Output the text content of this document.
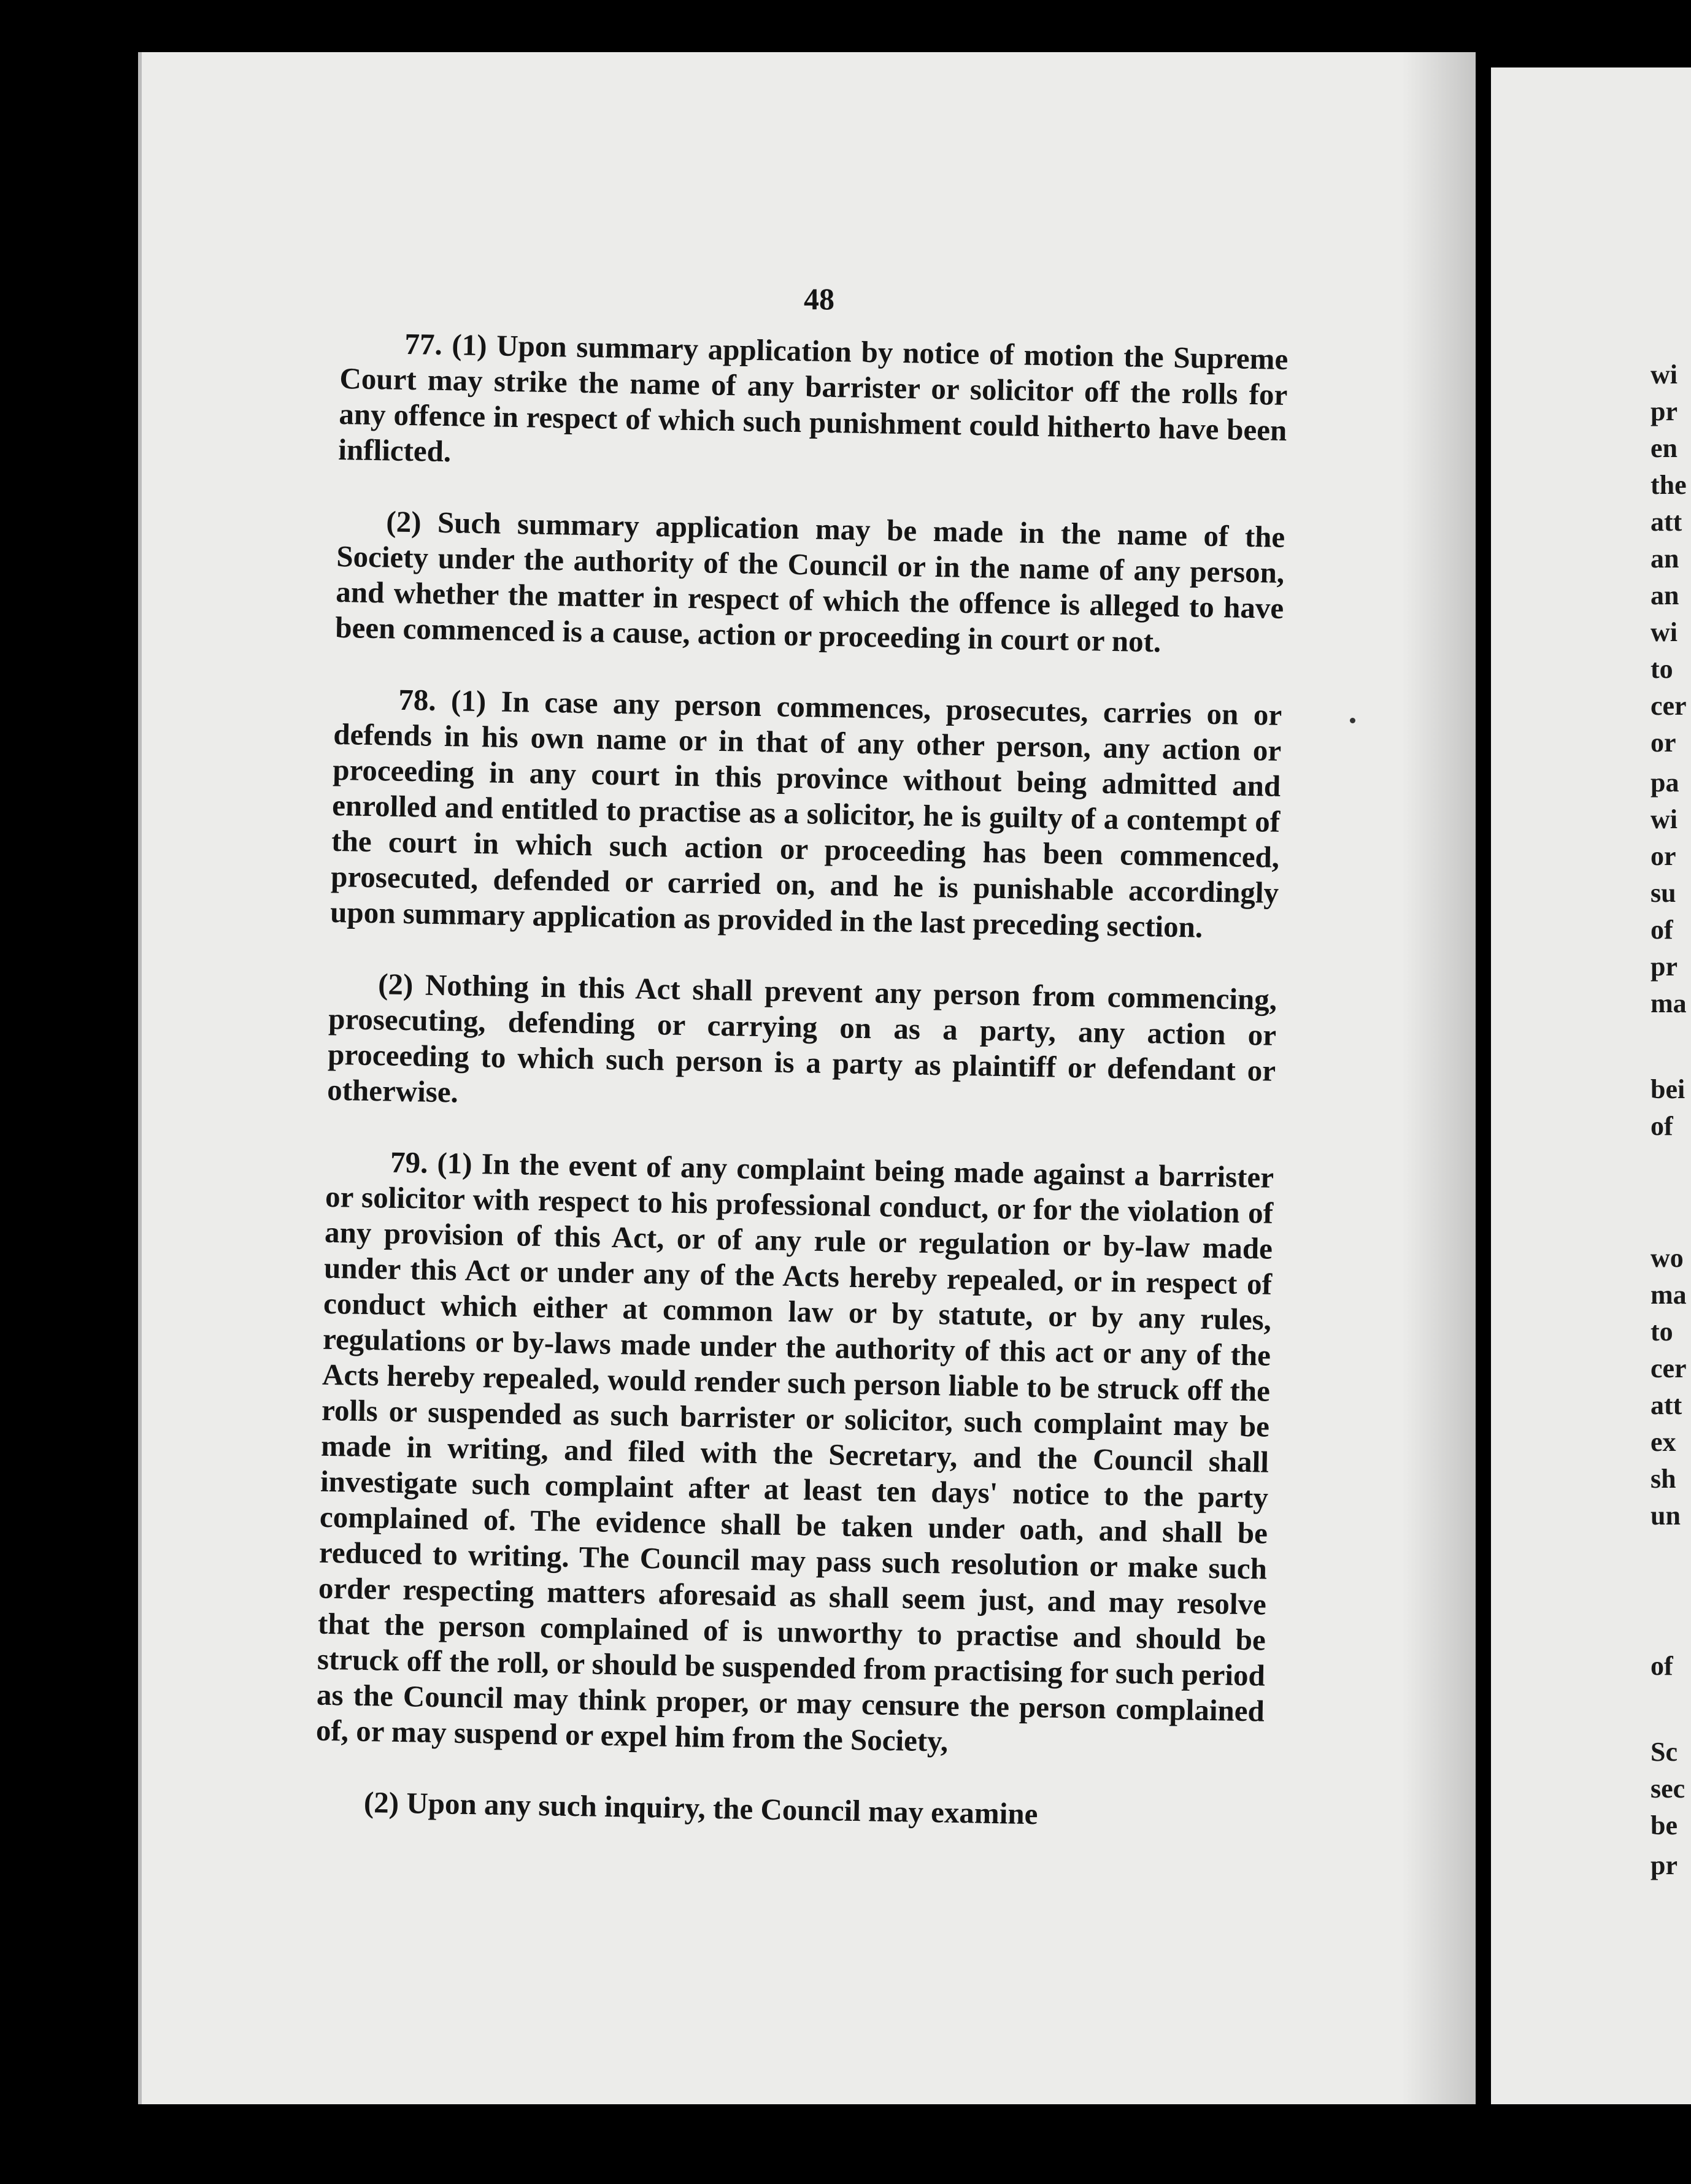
wi
pr
en
the
att
an
an
wi
to
cer
or
pa
wi
or
su
of
pr
ma
bei
of
wo
ma
to
cer
att
ex
sh
un
of
Sc
sec
be
pr
48

77. (1) Upon summary application by notice of motion the Supreme Court may strike the name of any barrister or solicitor off the rolls for any offence in respect of which such punishment could hitherto have been inflicted.

(2) Such summary application may be made in the name of the Society under the authority of the Council or in the name of any person, and whether the matter in respect of which the offence is alleged to have been commenced is a cause, action or proceeding in court or not.

78. (1) In case any person commences, prosecutes, carries on or defends in his own name or in that of any other person, any action or proceeding in any court in this province without being admitted and enrolled and entitled to practise as a solicitor, he is guilty of a contempt of the court in which such action or proceeding has been commenced, prosecuted, defended or carried on, and he is punishable accordingly upon summary application as provided in the last preceding section.

(2) Nothing in this Act shall prevent any person from commencing, prosecuting, defending or carrying on as a party, any action or proceeding to which such person is a party as plaintiff or defendant or otherwise.

79. (1) In the event of any complaint being made against a barrister or solicitor with respect to his professional conduct, or for the violation of any provision of this Act, or of any rule or regulation or by-law made under this Act or under any of the Acts hereby repealed, or in respect of conduct which either at common law or by statute, or by any rules, regulations or by-laws made under the authority of this act or any of the Acts hereby repealed, would render such person liable to be struck off the rolls or suspended as such barrister or solicitor, such complaint may be made in writing, and filed with the Secretary, and the Council shall investigate such complaint after at least ten days' notice to the party complained of. The evidence shall be taken under oath, and shall be reduced to writing. The Council may pass such resolution or make such order respecting matters aforesaid as shall seem just, and may resolve that the person complained of is unworthy to practise and should be struck off the roll, or should be suspended from practising for such period as the Council may think proper, or may censure the person complained of, or may suspend or expel him from the Society,

(2) Upon any such inquiry, the Council may examine
